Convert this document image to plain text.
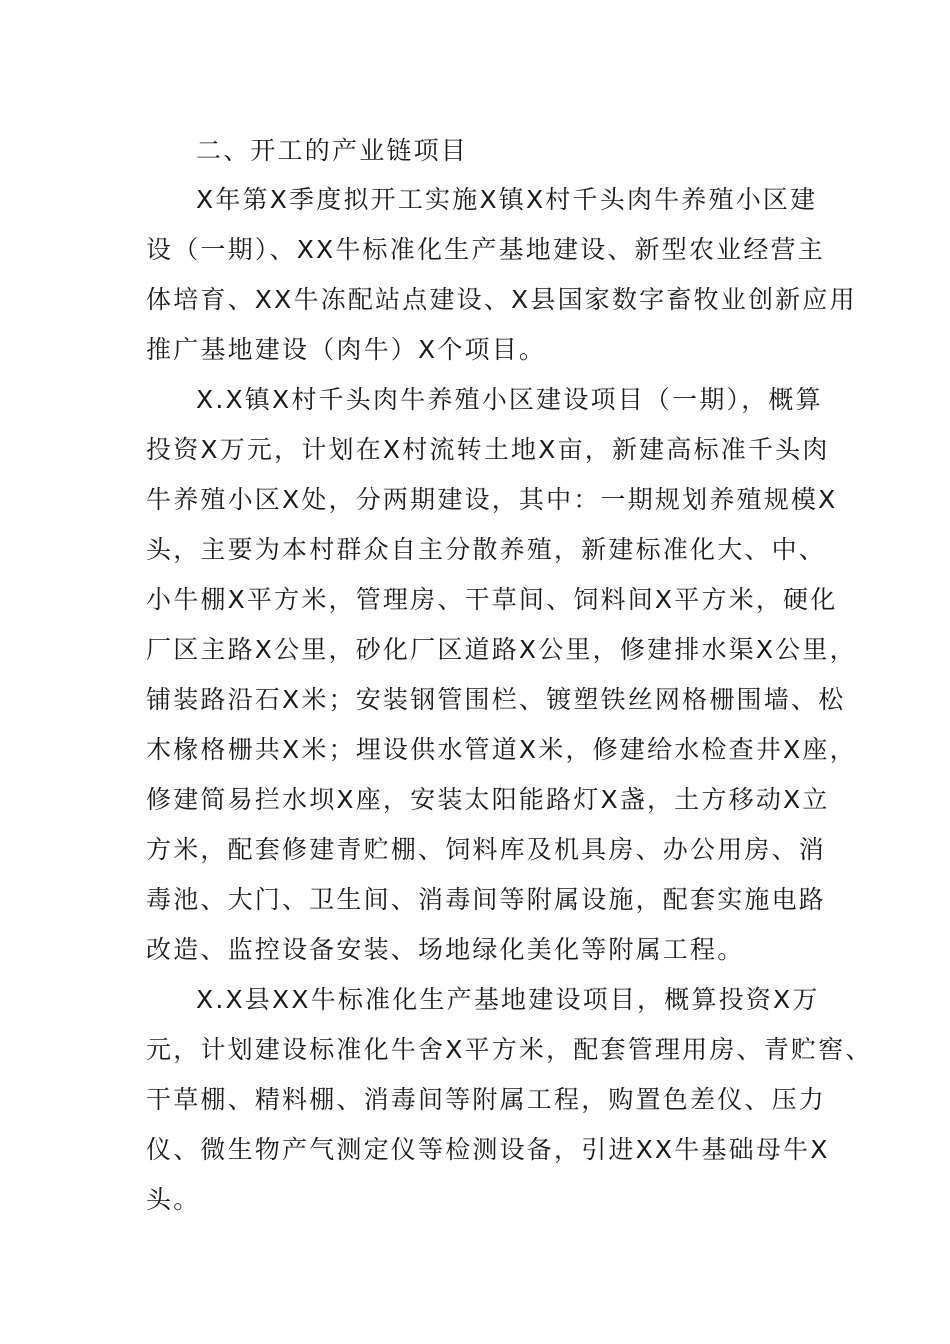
二、开工的产业链项目
X年第X季度拟开工实施X镇X村千头肉牛养殖小区建
设（一期）、XX牛标准化生产基地建设、新型农业经营主
体培育、XX牛冻配站点建设、X县国家数字畜牧业创新应用
推广基地建设（肉牛）X个项目。
X.X镇X村千头肉牛养殖小区建设项目（一期），概算
投资X万元，计划在X村流转土地X亩，新建高标准千头肉
牛养殖小区X处，分两期建设，其中：一期规划养殖规模X
头，主要为本村群众自主分散养殖，新建标准化大、中、
小牛棚X平方米，管理房、干草间、饲料间X平方米，硬化
厂区主路X公里，砂化厂区道路X公里，修建排水渠X公里，
铺装路沿石X米；安装钢管围栏、镀塑铁丝网格栅围墙、松
木椽格栅共X米；埋设供水管道X米，修建给水检查井X座，
修建简易拦水坝X座，安装太阳能路灯X盏，土方移动X立
方米，配套修建青贮棚、饲料库及机具房、办公用房、消
毒池、大门、卫生间、消毒间等附属设施，配套实施电路
改造、监控设备安装、场地绿化美化等附属工程。
X.X县XX牛标准化生产基地建设项目，概算投资X万
元，计划建设标准化牛舍X平方米，配套管理用房、青贮窖、
干草棚、精料棚、消毒间等附属工程，购置色差仪、压力
仪、微生物产气测定仪等检测设备，引进XX牛基础母牛X
头。
